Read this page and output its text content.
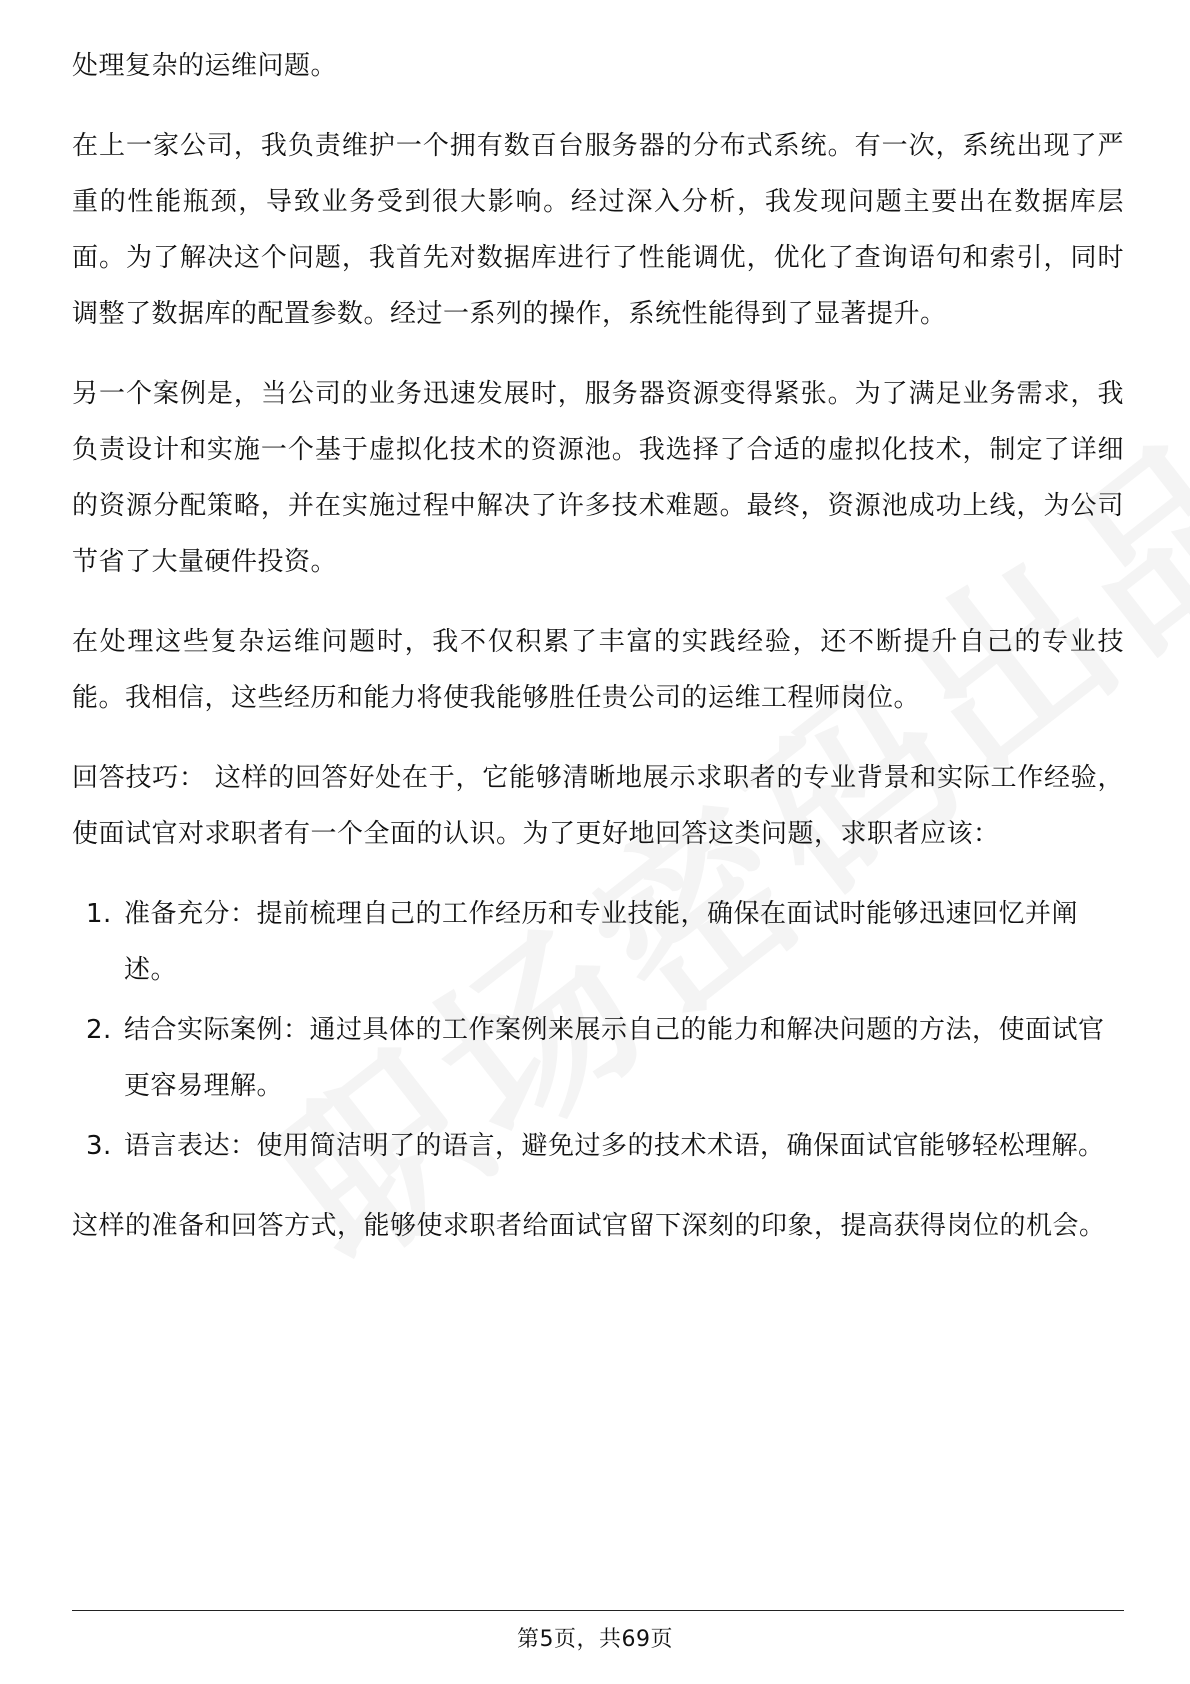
处理复杂的运维问题。

在上一家公司，我负责维护一个拥有数百台服务器的分布式系统。有一次，系统出现了严重的性能瓶颈，导致业务受到很大影响。经过深入分析，我发现问题主要出在数据库层面。为了解决这个问题，我首先对数据库进行了性能调优，优化了查询语句和索引，同时调整了数据库的配置参数。经过一系列的操作，系统性能得到了显著提升。

另一个案例是，当公司的业务迅速发展时，服务器资源变得紧张。为了满足业务需求，我负责设计和实施一个基于虚拟化技术的资源池。我选择了合适的虚拟化技术，制定了详细的资源分配策略，并在实施过程中解决了许多技术难题。最终，资源池成功上线，为公司节省了大量硬件投资。

在处理这些复杂运维问题时，我不仅积累了丰富的实践经验，还不断提升自己的专业技能。我相信，这些经历和能力将使我能够胜任贵公司的运维工程师岗位。

回答技巧： 这样的回答好处在于，它能够清晰地展示求职者的专业背景和实际工作经验，使面试官对求职者有一个全面的认识。为了更好地回答这类问题，求职者应该：

1. 准备充分：提前梳理自己的工作经历和专业技能，确保在面试时能够迅速回忆并阐述。
2. 结合实际案例：通过具体的工作案例来展示自己的能力和解决问题的方法，使面试官更容易理解。
3. 语言表达：使用简洁明了的语言，避免过多的技术术语，确保面试官能够轻松理解。

这样的准备和回答方式，能够使求职者给面试官留下深刻的印象，提高获得岗位的机会。

第5页，共69页
